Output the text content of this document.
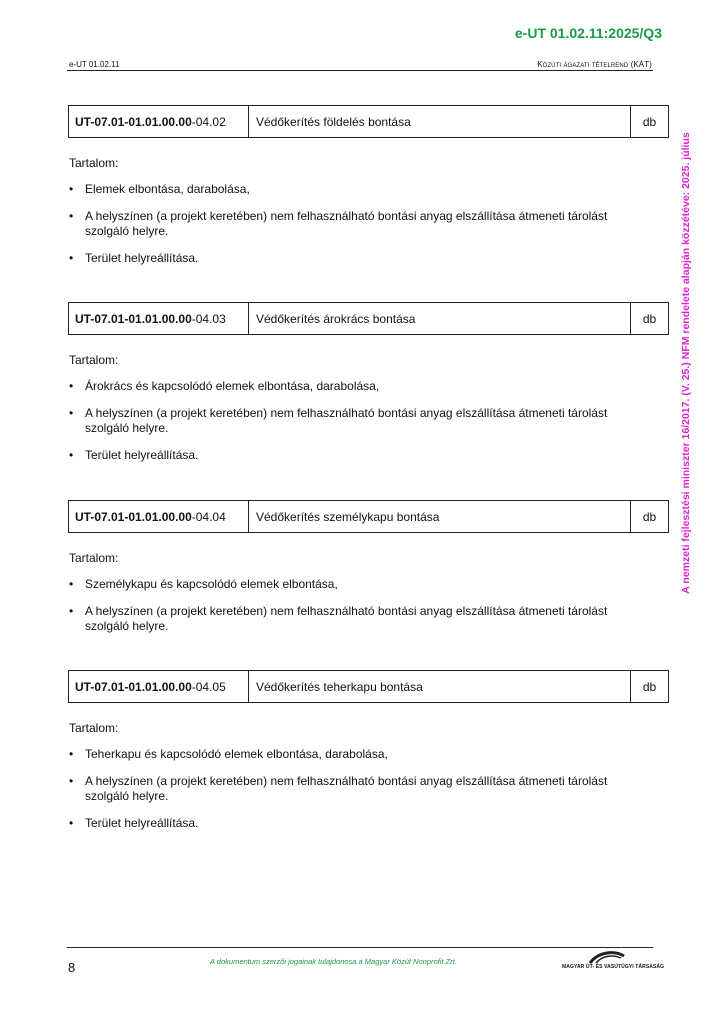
e-UT 01.02.11:2025/Q3
e-UT 01.02.11	Közúti ágazati tételrend (KÁT)
A nemzeti fejlesztési miniszter 16/2017. (V. 25.) NFM rendelete alapján közzétéve: 2025. július
UT-07.01-01.01.00.00 -04.02	Védőkerítés földelés bontása	db
Tartalom:
• Elemek elbontása, darabolása,
• A helyszínen (a projekt keretében) nem felhasználható bontási anyag elszállítása átmeneti tárolást szolgáló helyre.
• Terület helyreállítása.
UT-07.01-01.01.00.00 -04.03	Védőkerítés árokrács bontása	db
Tartalom:
• Árokrács és kapcsolódó elemek elbontása, darabolása,
• A helyszínen (a projekt keretében) nem felhasználható bontási anyag elszállítása átmeneti tárolást szolgáló helyre.
• Terület helyreállítása.
UT-07.01-01.01.00.00 -04.04	Védőkerítés személykapu bontása	db
Tartalom:
• Személykapu és kapcsolódó elemek elbontása,
• A helyszínen (a projekt keretében) nem felhasználható bontási anyag elszállítása átmeneti tárolást szolgáló helyre.
UT-07.01-01.01.00.00 -04.05	Védőkerítés teherkapu bontása	db
Tartalom:
• Teherkapu és kapcsolódó elemek elbontása, darabolása,
• A helyszínen (a projekt keretében) nem felhasználható bontási anyag elszállítása átmeneti tárolást szolgáló helyre.
• Terület helyreállítása.
8	A dokumentum szerzői jogainak tulajdonosa a Magyar Közút Nonprofit Zrt.
MAGYAR ÚT- ÉS VASÚTÜGYI TÁRSASÁG
